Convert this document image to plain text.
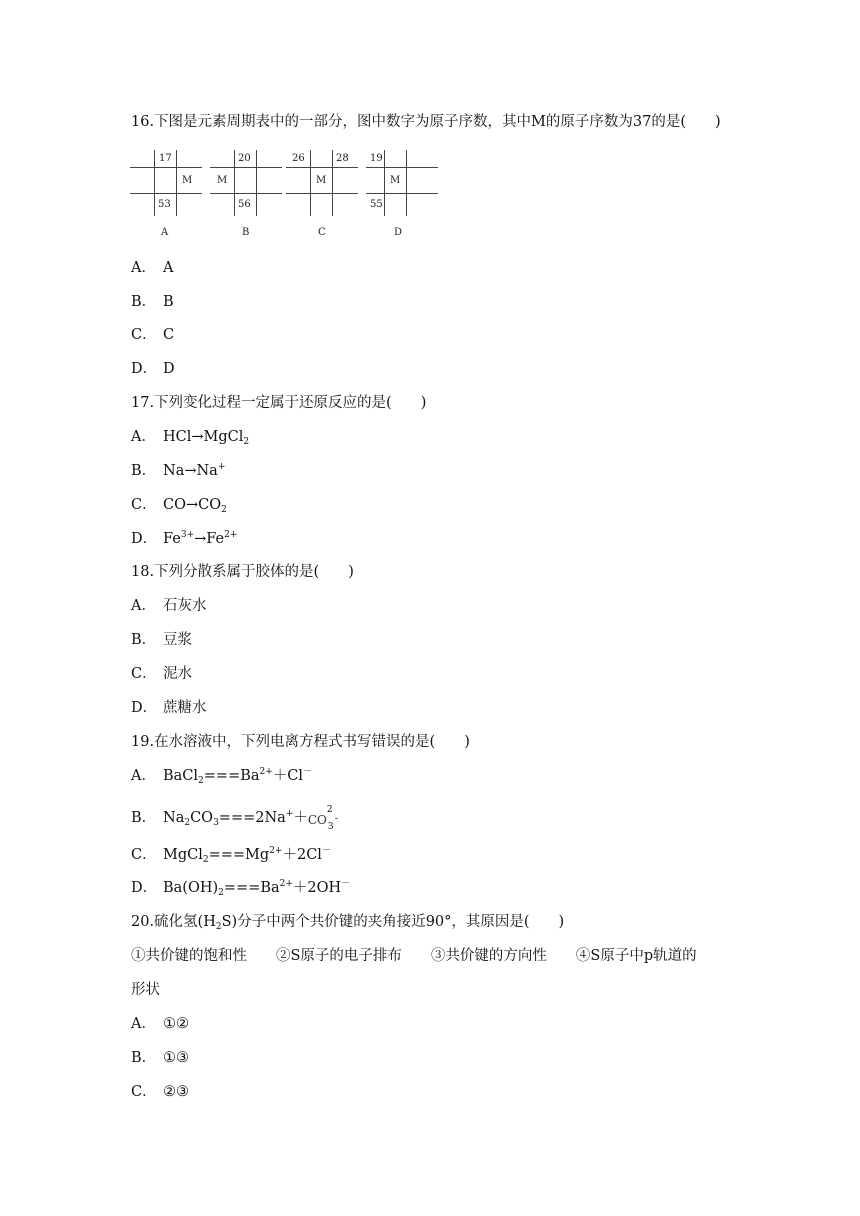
16.下图是元素周期表中的一部分，图中数字为原子序数，其中M的原子序数为37的是(　　)
17
M
53
A
20
M
56
B
26	28
M
C
19
M
55
D
A． A
B． B
C． C
D． D
17.下列变化过程一定属于还原反应的是(　　)
A． HCl→MgCl$_2$
B． Na→Na+
C． $CO\to CO_2$
D． $Fe^{3+}\to Fe^{2+}$
18.下列分散系属于胶体的是(　　)
A． 石灰水
B． 豆浆
C． 泥水
D． 蔗糖水
19.在水溶液中，下列电离方程式书写错误的是(　　)
A． $BaCl_2===Ba^{2+}+Cl^-$
B． $Na_2CO_3===2Na^++$ CO
2
3
-
C． $MgCl_2===Mg^{2+}+2Cl^-$
D． $Ba(OH)_2===Ba^{2+}+2OH^-$
20.硫化氢$(H_2S)$分子中两个共价键的夹角接近90°，其原因是(　　)
①共价键的饱和性　　②S原子的电子排布　　③共价键的方向性　　④S原子中p轨道的
形状
A． ①②
B． ①③
C． ②③
